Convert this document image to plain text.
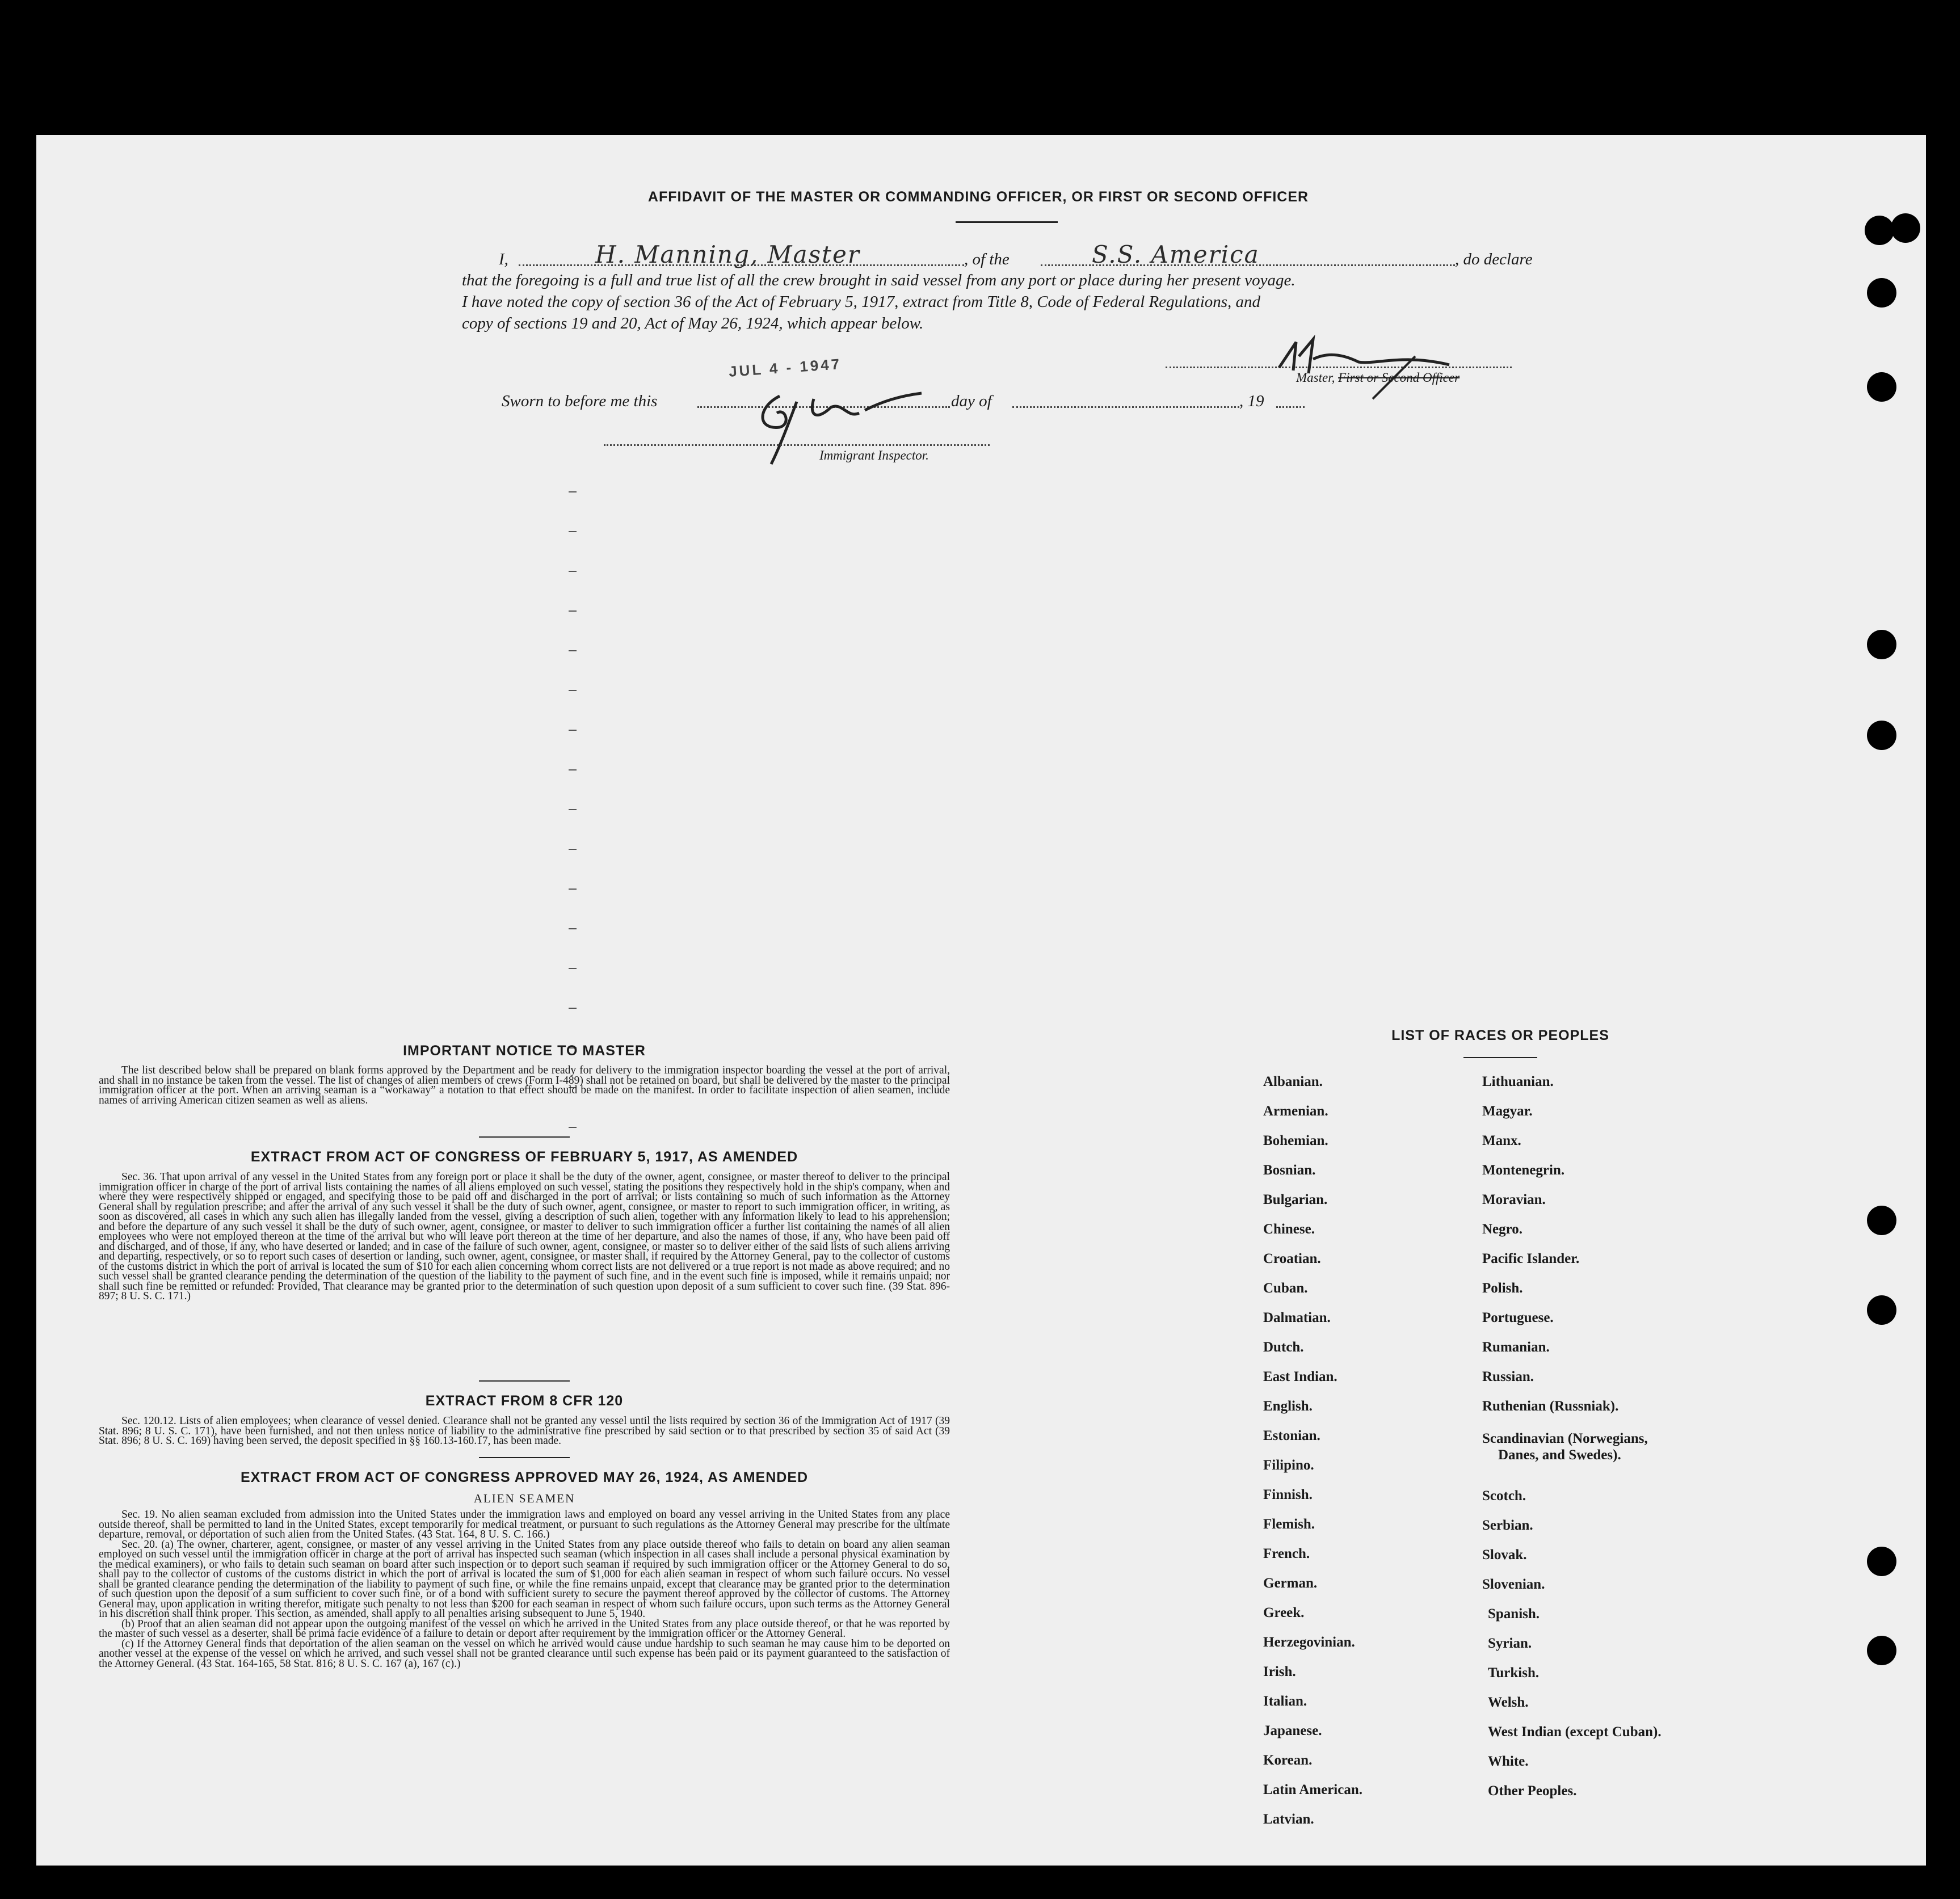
AFFIDAVIT OF THE MASTER OR COMMANDING OFFICER, OR FIRST OR SECOND OFFICER
I,	H. Manning, Master	, of the	S.S. America	, do declare
that the foregoing is a full and true list of all the crew brought in said vessel from any port or place during her present voyage.
I have noted the copy of section 36 of the Act of February 5, 1917, extract from Title 8, Code of Federal Regulations, and
copy of sections 19 and 20, Act of May 26, 1924, which appear below.
Master, First or Second Officer
JUL 4 - 1947
Sworn to before me this	day of	, 19
Immigrant Inspector.
IMPORTANT NOTICE TO MASTER

The list described below shall be prepared on blank forms approved by the Department and be ready for delivery to the immigration inspector boarding the vessel at the port of arrival, and shall in no instance be taken from the vessel. The list of changes of alien members of crews (Form I-489) shall not be retained on board, but shall be delivered by the master to the principal immigration officer at the port. When an arriving seaman is a “workaway” a notation to that effect should be made on the manifest. In order to facilitate inspection of alien seamen, include names of arriving American citizen seamen as well as aliens.

EXTRACT FROM ACT OF CONGRESS OF FEBRUARY 5, 1917, AS AMENDED

Sec. 36. That upon arrival of any vessel in the United States from any foreign port or place it shall be the duty of the owner, agent, consignee, or master thereof to deliver to the principal immigration officer in charge of the port of arrival lists containing the names of all aliens employed on such vessel, stating the positions they respectively hold in the ship's company, when and where they were respectively shipped or engaged, and specifying those to be paid off and discharged in the port of arrival; or lists containing so much of such information as the Attorney General shall by regulation prescribe; and after the arrival of any such vessel it shall be the duty of such owner, agent, consignee, or master to report to such immigration officer, in writing, as soon as discovered, all cases in which any such alien has illegally landed from the vessel, giving a description of such alien, together with any information likely to lead to his apprehension; and before the departure of any such vessel it shall be the duty of such owner, agent, consignee, or master to deliver to such immigration officer a further list containing the names of all alien employees who were not employed thereon at the time of the arrival but who will leave port thereon at the time of her departure, and also the names of those, if any, who have been paid off and discharged, and of those, if any, who have deserted or landed; and in case of the failure of such owner, agent, consignee, or master so to deliver either of the said lists of such aliens arriving and departing, respectively, or so to report such cases of desertion or landing, such owner, agent, consignee, or master shall, if required by the Attorney General, pay to the collector of customs of the customs district in which the port of arrival is located the sum of $10 for each alien concerning whom correct lists are not delivered or a true report is not made as above required; and no such vessel shall be granted clearance pending the determination of the question of the liability to the payment of such fine, and in the event such fine is imposed, while it remains unpaid; nor shall such fine be remitted or refunded: Provided, That clearance may be granted prior to the determination of such question upon deposit of a sum sufficient to cover such fine. (39 Stat. 896-897; 8 U. S. C. 171.)

EXTRACT FROM 8 CFR 120

Sec. 120.12. Lists of alien employees; when clearance of vessel denied. Clearance shall not be granted any vessel until the lists required by section 36 of the Immigration Act of 1917 (39 Stat. 896; 8 U. S. C. 171), have been furnished, and not then unless notice of liability to the administrative fine prescribed by said section or to that prescribed by section 35 of said Act (39 Stat. 896; 8 U. S. C. 169) having been served, the deposit specified in §§ 160.13-160.17, has been made.

EXTRACT FROM ACT OF CONGRESS APPROVED MAY 26, 1924, AS AMENDED
ALIEN SEAMEN

Sec. 19. No alien seaman excluded from admission into the United States under the immigration laws and employed on board any vessel arriving in the United States from any place outside thereof, shall be permitted to land in the United States, except temporarily for medical treatment, or pursuant to such regulations as the Attorney General may prescribe for the ultimate departure, removal, or deportation of such alien from the United States. (43 Stat. 164, 8 U. S. C. 166.)

Sec. 20. (a) The owner, charterer, agent, consignee, or master of any vessel arriving in the United States from any place outside thereof who fails to detain on board any alien seaman employed on such vessel until the immigration officer in charge at the port of arrival has inspected such seaman (which inspection in all cases shall include a personal physical examination by the medical examiners), or who fails to detain such seaman on board after such inspection or to deport such seaman if required by such immigration officer or the Attorney General to do so, shall pay to the collector of customs of the customs district in which the port of arrival is located the sum of $1,000 for each alien seaman in respect of whom such failure occurs. No vessel shall be granted clearance pending the determination of the liability to payment of such fine, or while the fine remains unpaid, except that clearance may be granted prior to the determination of such question upon the deposit of a sum sufficient to cover such fine, or of a bond with sufficient surety to secure the payment thereof approved by the collector of customs. The Attorney General may, upon application in writing therefor, mitigate such penalty to not less than $200 for each seaman in respect of whom such failure occurs, upon such terms as the Attorney General in his discretion shall think proper. This section, as amended, shall apply to all penalties arising subsequent to June 5, 1940.

(b) Proof that an alien seaman did not appear upon the outgoing manifest of the vessel on which he arrived in the United States from any place outside thereof, or that he was reported by the master of such vessel as a deserter, shall be prima facie evidence of a failure to detain or deport after requirement by the immigration officer or the Attorney General.

(c) If the Attorney General finds that deportation of the alien seaman on the vessel on which he arrived would cause undue hardship to such seaman he may cause him to be deported on another vessel at the expense of the vessel on which he arrived, and such vessel shall not be granted clearance until such expense has been paid or its payment guaranteed to the satisfaction of the Attorney General. (43 Stat. 164-165, 58 Stat. 816; 8 U. S. C. 167 (a), 167 (c).)

LIST OF RACES OR PEOPLES
Albanian.
Armenian.
Bohemian.
Bosnian.
Bulgarian.
Chinese.
Croatian.
Cuban.
Dalmatian.
Dutch.
East Indian.
English.
Estonian.
Filipino.
Finnish.
Flemish.
French.
German.
Greek.
Herzegovinian.
Irish.
Italian.
Japanese.
Korean.
Latin American.
Latvian.
Lithuanian.
Magyar.
Manx.
Montenegrin.
Moravian.
Negro.
Pacific Islander.
Polish.
Portuguese.
Rumanian.
Russian.
Ruthenian (Russniak).
Scandinavian (Norwegians,
Danes, and Swedes).
Scotch.
Serbian.
Slovak.
Slovenian.
Spanish.
Syrian.
Turkish.
Welsh.
West Indian (except Cuban).
White.
Other Peoples.
